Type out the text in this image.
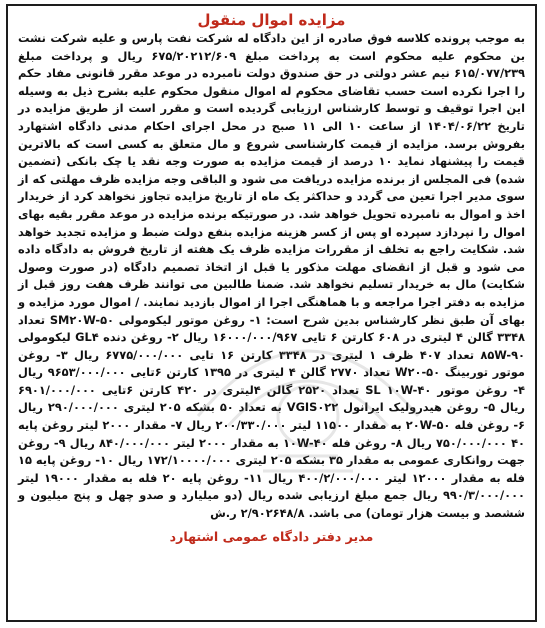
مزایده اموال منقول
به موجب پرونده کلاسه فوق صادره از این دادگاه له شرکت نفت پارس و علیه شرکت نشت بن محکوم علیه محکوم است به پرداخت مبلغ ۶۷۵/۲۰۲۱۲/۶۰۹ ریال و پرداخت مبلغ ۶۱۵/۰۷۷/۲۳۹ نیم عشر دولتی در حق صندوق دولت نامبرده در موعد مقرر قانونی مفاد حکم را اجرا نکرده است حسب تقاضای محکوم له اموال منقول محکوم علیه بشرح ذیل به وسیله این اجرا توقیف و توسط کارشناس ارزیابی گردیده است و مقرر است از طریق مزایده در تاریخ ۱۴۰۴/۰۶/۲۲ از ساعت ۱۰ الی ۱۱ صبح در محل اجرای احکام مدنی دادگاه اشتهارد بفروش برسد. مزایده از قیمت کارشناسی شروع و مال متعلق به کسی است که بالاترین قیمت را پیشنهاد نماید ۱۰ درصد از قیمت مزایده به صورت وجه نقد یا چک بانکی (تضمین شده) فی المجلس از برنده مزایده دریافت می شود و الباقی وجه مزایده ظرف مهلتی که از سوی مدیر اجرا تعین می گردد و حداکثر یک ماه از تاریخ مزایده تجاوز نخواهد کرد از خریدار اخذ و اموال به نامبرده تحویل خواهد شد. در صورتیکه برنده مزایده در موعد مقرر بقیه بهای اموال را نپردازد سپرده او پس از کسر هزینه مزایده بنفع دولت ضبط و مزایده تجدید خواهد شد. شکایت راجع به تخلف از مقررات مزایده ظرف یک هفته از تاریخ فروش به دادگاه داده می شود و قبل از انقضای مهلت مذکور یا قبل از اتخاذ تصمیم دادگاه (در صورت وصول شکایت) مال به خریدار تسلیم نخواهد شد. ضمنا طالبین می توانند ظرف هفت روز قبل از مزایده به دفتر اجرا مراجعه و با هماهنگی اجرا از اموال بازدید نمایند. / اموال مورد مزایده و بهای آن طبق نظر کارشناس بدین شرح است: ۱- روغن موتور لیکومولی SM۲۰W-۵۰ تعداد ۳۳۴۸ گالن ۴ لیتری در ۶۰۸ کارتن ۶ تایی ۱۶۰۰۰/۰۰۰/۹۶۷ ریال ۲- روغن دنده GL۴ لیکومولی ۸۵W-۹۰ تعداد ۴۰۷ ظرف ۱ لیتری در ۳۳۴۸ کارتن ۱۶ تایی ۶۷۷۵/۰۰۰/۰۰۰ ریال ۳- روغن موتور توربینگ W۲۰-۵۰ تعداد ۲۷۷۰ گالن ۴ لیتری در ۱۳۹۵ کارتن ۶تایی ۹۶۵۳/۰۰۰/۰۰۰ ریال ۴- روغن موتور SL ۱۰W-۴۰ تعداد ۲۵۲۰ گالن ۴لیتری در ۴۲۰ کارتن ۶تایی ۶۹۰۱/۰۰۰/۰۰۰ ریال ۵- روغن هیدرولیک ایرانول VGIS۰۲۲ به تعداد ۵۰ بشکه ۲۰۵ لیتری ۲۹۰/۰۰۰/۰۰۰ ریال ۶- روغن فله ۲۰W-۵۰ به مقدار ۱۱۵۰۰ لیتر ۲۰۰/۳۳۰/۰۰۰ ریال ۷- مقدار ۲۰۰۰ لیتر روغن پایه ۴۰ ۷۵۰/۰۰۰/۰۰۰ ریال ۸- روغن فله ۱۰W-۴۰ به مقدار ۲۰۰۰ لیتر ۸۴۰/۰۰۰/۰۰۰ ریال ۹- روغن جهت روانکاری عمومی به مقدار ۳۵ بشکه ۲۰۵ لیتری ۱۷۲/۱۰۰۰۰/۰۰۰ ریال ۱۰- روغن پایه ۱۵ فله به مقدار ۱۲۰۰۰ لیتر ۴۰۰/۲/۰۰۰/۰۰۰ ریال ۱۱- روغن پایه ۲۰ فله به مقدار ۱۹۰۰۰ لیتر ۹۹۰/۳/۰۰۰/۰۰۰ ریال جمع مبلغ ارزیابی شده ریال (دو میلیارد و صدو چهل و پنج میلیون و ششصد و بیست هزار تومان) می باشد. ۲/۹۰۲۶۴۸/۸ ر.ش
مدیر دفتر دادگاه عمومی اشتهارد
